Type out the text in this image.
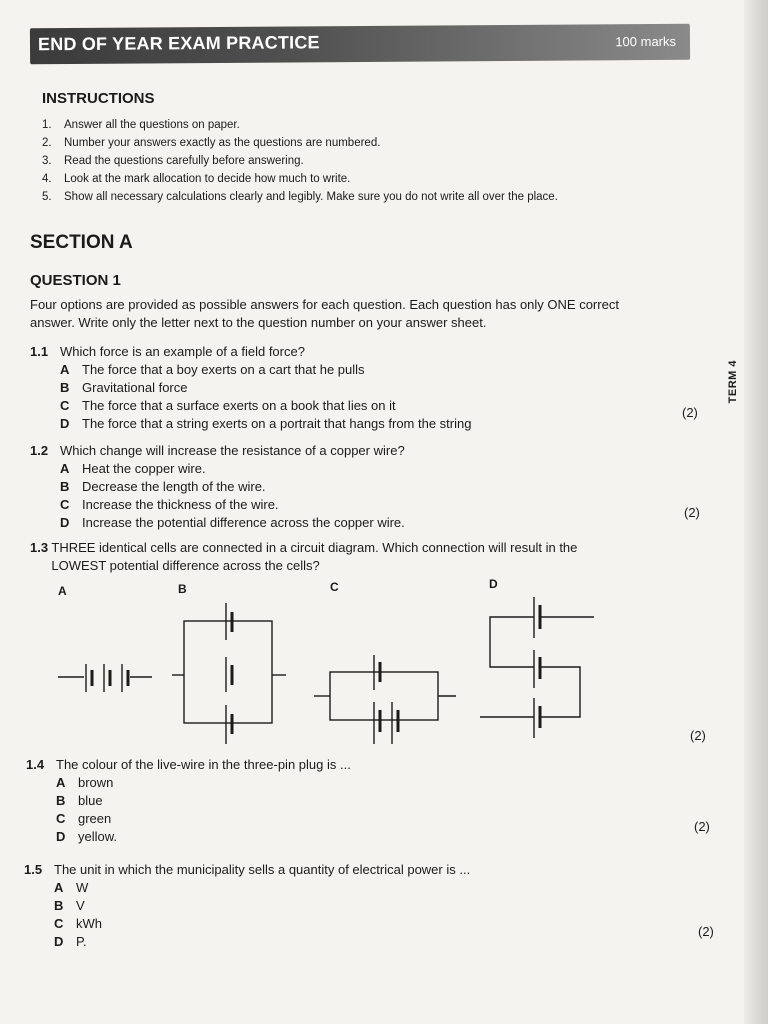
END OF YEAR EXAM PRACTICE	100 marks
INSTRUCTIONS
1.	Answer all the questions on paper.
2.	Number your answers exactly as the questions are numbered.
3.	Read the questions carefully before answering.
4.	Look at the mark allocation to decide how much to write.
5.	Show all necessary calculations clearly and legibly. Make sure you do not write all over the place.
SECTION A
QUESTION 1
Four options are provided as possible answers for each question. Each question has only ONE correct answer. Write only the letter next to the question number on your answer sheet.
TERM 4
1.1 Which force is an example of a field force?
A The force that a boy exerts on a cart that he pulls
B Gravitational force
C The force that a surface exerts on a book that lies on it
D The force that a string exerts on a portrait that hangs from the string
(2)
1.2 Which change will increase the resistance of a copper wire?
A Heat the copper wire.
B Decrease the length of the wire.
C Increase the thickness of the wire.
D Increase the potential difference across the copper wire.
(2)
1.3 THREE identical cells are connected in a circuit diagram. Which connection will result in the LOWEST potential difference across the cells?
A	B	C	D
(2)
1.4 The colour of the live-wire in the three-pin plug is ...
A brown
B blue
C green
D yellow.
(2)
1.5 The unit in which the municipality sells a quantity of electrical power is ...
A W
B V
C kWh
D P.
(2)
